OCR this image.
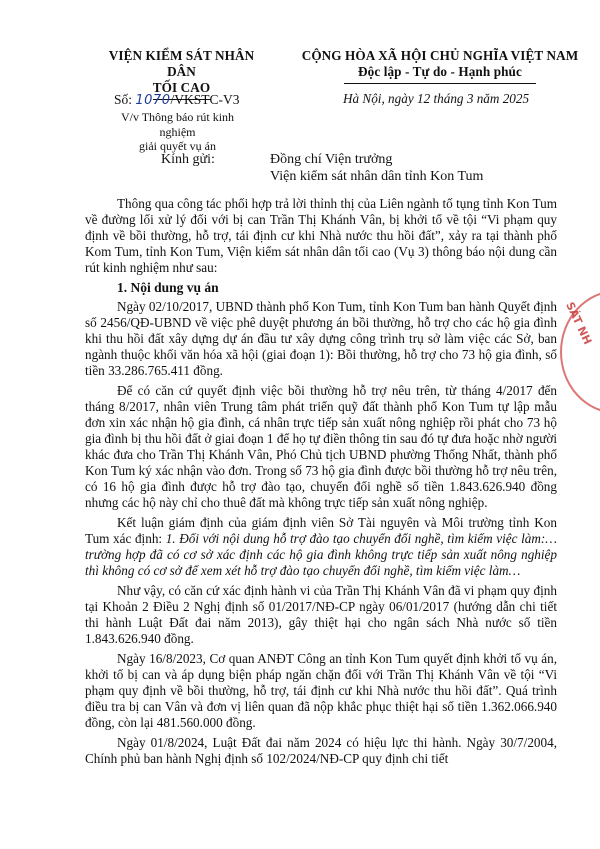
VIỆN KIỂM SÁT NHÂN DÂN
TỐI CAO
CỘNG HÒA XÃ HỘI CHỦ NGHĨA VIỆT NAM
Độc lập - Tự do - Hạnh phúc
Số: 1070/VKSTC-V3
V/v Thông báo rút kinh nghiệm
giải quyết vụ án
Hà Nội, ngày 12 tháng 3 năm 2025
Kính gửi:	Đồng chí Viện trưởng
Viện kiểm sát nhân dân tỉnh Kon Tum

Thông qua công tác phối hợp trả lời thỉnh thị của Liên ngành tố tụng tỉnh Kon Tum về đường lối xử lý đối với bị can Trần Thị Khánh Vân, bị khởi tố về tội “Vi phạm quy định về bồi thường, hỗ trợ, tái định cư khi Nhà nước thu hồi đất”, xảy ra tại thành phố Kom Tum, tỉnh Kon Tum, Viện kiểm sát nhân dân tối cao (Vụ 3) thông báo nội dung cần rút kinh nghiệm như sau:

1. Nội dung vụ án

Ngày 02/10/2017, UBND thành phố Kon Tum, tỉnh Kon Tum ban hành Quyết định số 2456/QĐ-UBND về việc phê duyệt phương án bồi thường, hỗ trợ cho các hộ gia đình khi thu hồi đất xây dựng dự án đầu tư xây dựng công trình trụ sở làm việc các Sở, ban ngành thuộc khối văn hóa xã hội (giai đoạn 1): Bồi thường, hỗ trợ cho 73 hộ gia đình, số tiền 33.286.765.411 đồng.

Để có căn cứ quyết định việc bồi thường hỗ trợ nêu trên, từ tháng 4/2017 đến tháng 8/2017, nhân viên Trung tâm phát triển quỹ đất thành phố Kon Tum tự lập mẫu đơn xin xác nhận hộ gia đình, cá nhân trực tiếp sản xuất nông nghiệp rồi phát cho 73 hộ gia đình bị thu hồi đất ở giai đoạn 1 để họ tự điền thông tin sau đó tự đưa hoặc nhờ người khác đưa cho Trần Thị Khánh Vân, Phó Chủ tịch UBND phường Thống Nhất, thành phố Kon Tum ký xác nhận vào đơn. Trong số 73 hộ gia đình được bồi thường hỗ trợ nêu trên, có 16 hộ gia đình được hỗ trợ đào tạo, chuyển đổi nghề số tiền 1.843.626.940 đồng nhưng các hộ này chỉ cho thuê đất mà không trực tiếp sản xuất nông nghiệp.

Kết luận giám định của giám định viên Sở Tài nguyên và Môi trường tỉnh Kon Tum xác định: 1. Đối với nội dung hỗ trợ đào tạo chuyển đổi nghề, tìm kiếm việc làm:… trường hợp đã có cơ sở xác định các hộ gia đình không trực tiếp sản xuất nông nghiệp thì không có cơ sở để xem xét hỗ trợ đào tạo chuyển đổi nghề, tìm kiếm việc làm…

Như vậy, có căn cứ xác định hành vi của Trần Thị Khánh Vân đã vi phạm quy định tại Khoản 2 Điều 2 Nghị định số 01/2017/NĐ-CP ngày 06/01/2017 (hướng dẫn chi tiết thi hành Luật Đất đai năm 2013), gây thiệt hại cho ngân sách Nhà nước số tiền 1.843.626.940 đồng.

Ngày 16/8/2023, Cơ quan ANĐT Công an tỉnh Kon Tum quyết định khởi tố vụ án, khởi tố bị can và áp dụng biện pháp ngăn chặn đối với Trần Thị Khánh Vân về tội “Vi phạm quy định về bồi thường, hỗ trợ, tái định cư khi Nhà nước thu hồi đất”. Quá trình điều tra bị can Vân và đơn vị liên quan đã nộp khắc phục thiệt hại số tiền 1.362.066.940 đồng, còn lại 481.560.000 đồng.

Ngày 01/8/2024, Luật Đất đai năm 2024 có hiệu lực thi hành. Ngày 30/7/2004, Chính phủ ban hành Nghị định số 102/2024/NĐ-CP quy định chi tiết

SÁT NH
